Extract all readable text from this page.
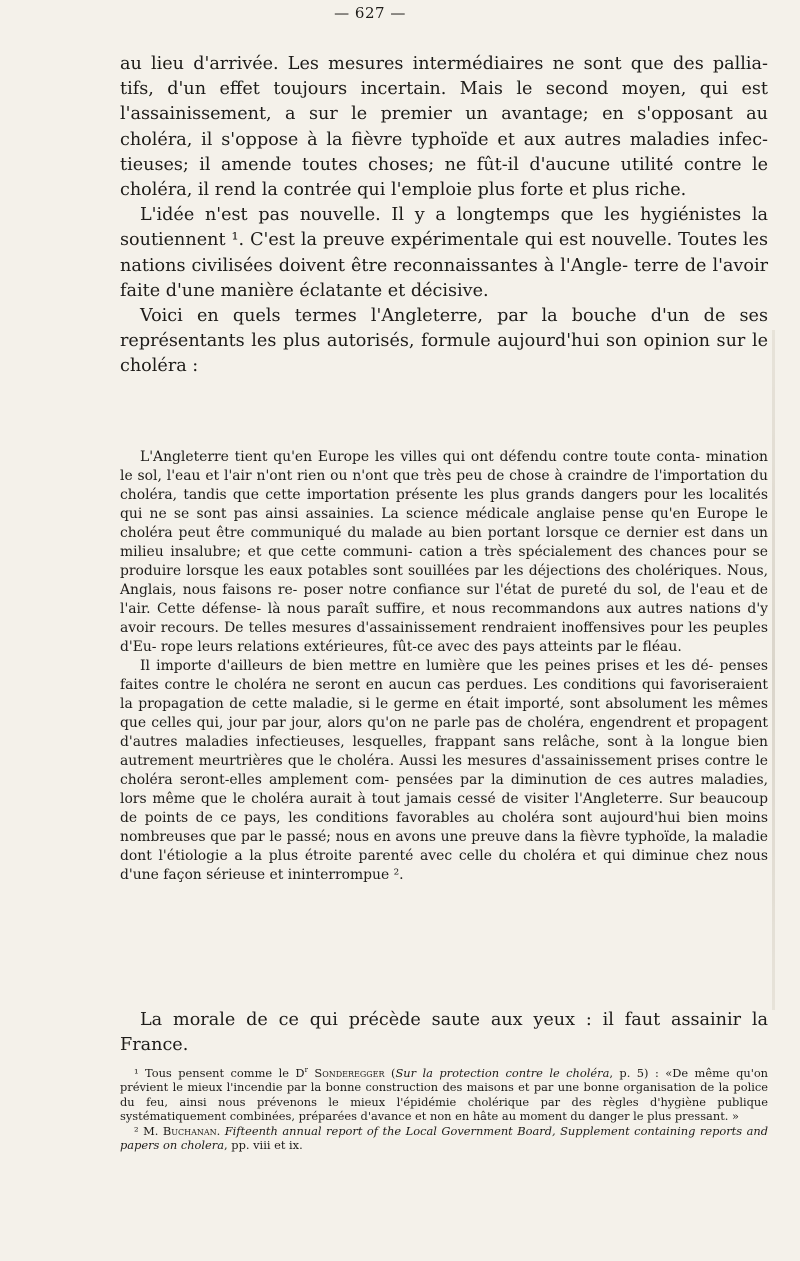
— 627 —

au lieu d'arrivée. Les mesures intermédiaires ne sont que des pallia- tifs, d'un effet toujours incertain. Mais le second moyen, qui est l'assainissement, a sur le premier un avantage; en s'opposant au choléra, il s'oppose à la fièvre typhoïde et aux autres maladies infec- tieuses; il amende toutes choses; ne fût-il d'aucune utilité contre le choléra, il rend la contrée qui l'emploie plus forte et plus riche.

L'idée n'est pas nouvelle. Il y a longtemps que les hygiénistes la soutiennent ¹. C'est la preuve expérimentale qui est nouvelle. Toutes les nations civilisées doivent être reconnaissantes à l'Angle- terre de l'avoir faite d'une manière éclatante et décisive.

Voici en quels termes l'Angleterre, par la bouche d'un de ses représentants les plus autorisés, formule aujourd'hui son opinion sur le choléra :

L'Angleterre tient qu'en Europe les villes qui ont défendu contre toute conta- mination le sol, l'eau et l'air n'ont rien ou n'ont que très peu de chose à craindre de l'importation du choléra, tandis que cette importation présente les plus grands dangers pour les localités qui ne se sont pas ainsi assainies. La science médicale anglaise pense qu'en Europe le choléra peut être communiqué du malade au bien portant lorsque ce dernier est dans un milieu insalubre; et que cette communi- cation a très spécialement des chances pour se produire lorsque les eaux potables sont souillées par les déjections des cholériques. Nous, Anglais, nous faisons re- poser notre confiance sur l'état de pureté du sol, de l'eau et de l'air. Cette défense- là nous paraît suffire, et nous recommandons aux autres nations d'y avoir recours. De telles mesures d'assainissement rendraient inoffensives pour les peuples d'Eu- rope leurs relations extérieures, fût-ce avec des pays atteints par le fléau.

Il importe d'ailleurs de bien mettre en lumière que les peines prises et les dé- penses faites contre le choléra ne seront en aucun cas perdues. Les conditions qui favoriseraient la propagation de cette maladie, si le germe en était importé, sont absolument les mêmes que celles qui, jour par jour, alors qu'on ne parle pas de choléra, engendrent et propagent d'autres maladies infectieuses, lesquelles, frappant sans relâche, sont à la longue bien autrement meurtrières que le choléra. Aussi les mesures d'assainissement prises contre le choléra seront-elles amplement com- pensées par la diminution de ces autres maladies, lors même que le choléra aurait à tout jamais cessé de visiter l'Angleterre. Sur beaucoup de points de ce pays, les conditions favorables au choléra sont aujourd'hui bien moins nombreuses que par le passé; nous en avons une preuve dans la fièvre typhoïde, la maladie dont l'étiologie a la plus étroite parenté avec celle du choléra et qui diminue chez nous d'une façon sérieuse et ininterrompue ².

La morale de ce qui précède saute aux yeux : il faut assainir la France.

¹ Tous pensent comme le $D^r$ Sonderegger (Sur la protection contre le choléra, p. 5) : «De même qu'on prévient le mieux l'incendie par la bonne construction des maisons et par une bonne organisation de la police du feu, ainsi nous prévenons le mieux l'épidémie cholérique par des règles d'hygiène publique systématiquement combinées, préparées d'avance et non en hâte au moment du danger le plus pressant. »

² M. Buchanan. Fifteenth annual report of the Local Government Board, Supplement containing reports and papers on cholera, pp. viii et ix.
